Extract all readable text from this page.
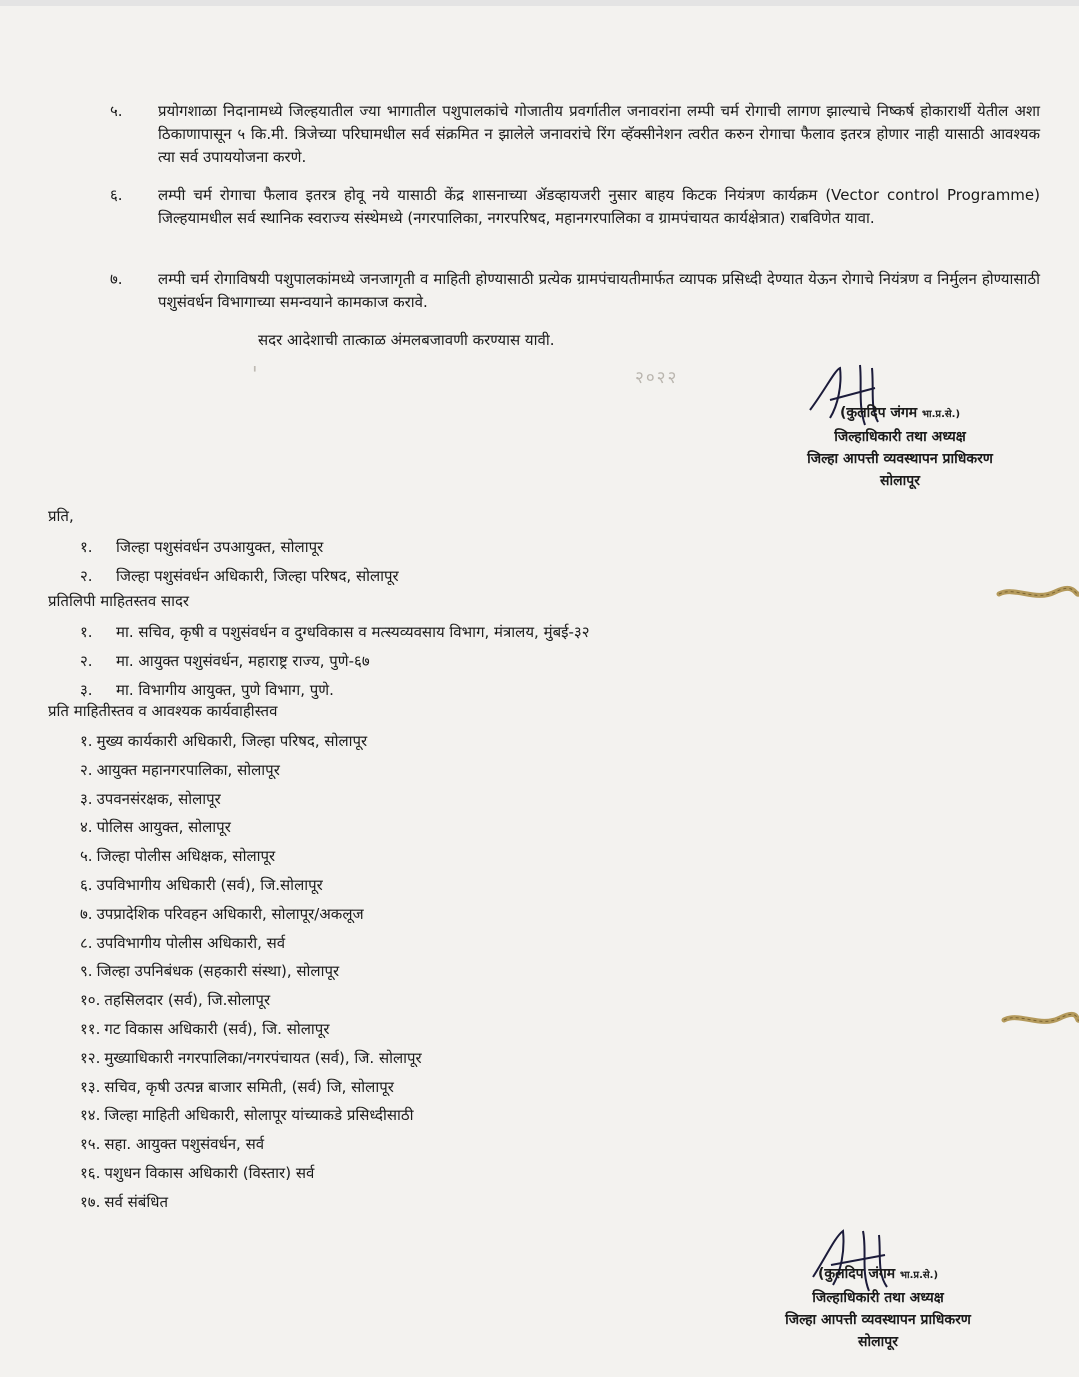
५.	प्रयोगशाळा निदानामध्ये जिल्हयातील ज्या भागातील पशुपालकांचे गोजातीय प्रवर्गातील जनावरांना लम्पी चर्म रोगाची लागण झाल्याचे निष्कर्ष होकारार्थी येतील अशा ठिकाणापासून ५ कि.मी. त्रिजेच्या परिघामधील सर्व संक्रमित न झालेले जनावरांचे रिंग व्हॅक्सीनेशन त्वरीत करुन रोगाचा फैलाव इतरत्र होणार नाही यासाठी आवश्यक त्या सर्व उपाययोजना करणे.
६.	लम्पी चर्म रोगाचा फैलाव इतरत्र होवू नये यासाठी केंद्र शासनाच्या ॲडव्हायजरी नुसार बाहय किटक नियंत्रण कार्यक्रम (Vector control Programme) जिल्हयामधील सर्व स्थानिक स्वराज्य संस्थेमध्ये (नगरपालिका, नगरपरिषद, महानगरपालिका व ग्रामपंचायत कार्यक्षेत्रात) राबविणेत यावा.
७.	लम्पी चर्म रोगाविषयी पशुपालकांमध्ये जनजागृती व माहिती होण्यासाठी प्रत्येक ग्रामपंचायतीमार्फत व्यापक प्रसिध्दी देण्यात येऊन रोगाचे नियंत्रण व निर्मुलन होण्यासाठी पशुसंवर्धन विभागाच्या समन्वयाने कामकाज करावे.
सदर आदेशाची तात्काळ अंमलबजावणी करण्यास यावी.
'	२०२२
(कुलदिप जंगम भा.प्र.से.)
जिल्हाधिकारी तथा अध्यक्ष
जिल्हा आपत्ती व्यवस्थापन प्राधिकरण
सोलापूर
प्रति,
१.	जिल्हा पशुसंवर्धन उपआयुक्त, सोलापूर
२.	जिल्हा पशुसंवर्धन अधिकारी, जिल्हा परिषद, सोलापूर
प्रतिलिपी माहितस्तव सादर
१.	मा. सचिव, कृषी व पशुसंवर्धन व दुग्धविकास व मत्स्यव्यवसाय विभाग, मंत्रालय, मुंबई-३२
२.	मा. आयुक्त पशुसंवर्धन, महाराष्ट्र राज्य, पुणे-६७
३.	मा. विभागीय आयुक्त, पुणे विभाग, पुणे.
प्रति माहितीस्तव व आवश्यक कार्यवाहीस्तव
१. मुख्य कार्यकारी अधिकारी, जिल्हा परिषद, सोलापूर
२. आयुक्त महानगरपालिका, सोलापूर
३. उपवनसंरक्षक, सोलापूर
४. पोलिस आयुक्त, सोलापूर
५. जिल्हा पोलीस अधिक्षक, सोलापूर
६. उपविभागीय अधिकारी (सर्व), जि.सोलापूर
७. उपप्रादेशिक परिवहन अधिकारी, सोलापूर/अकलूज
८. उपविभागीय पोलीस अधिकारी, सर्व
९. जिल्हा उपनिबंधक (सहकारी संस्था), सोलापूर
१०. तहसिलदार (सर्व), जि.सोलापूर
११. गट विकास अधिकारी (सर्व), जि. सोलापूर
१२. मुख्याधिकारी नगरपालिका/नगरपंचायत (सर्व), जि. सोलापूर
१३. सचिव, कृषी उत्पन्न बाजार समिती, (सर्व) जि, सोलापूर
१४. जिल्हा माहिती अधिकारी, सोलापूर यांच्याकडे प्रसिध्दीसाठी
१५. सहा. आयुक्त पशुसंवर्धन, सर्व
१६. पशुधन विकास अधिकारी (विस्तार) सर्व
१७. सर्व संबंधित
(कुलदिप जंगम भा.प्र.से.)
जिल्हाधिकारी तथा अध्यक्ष
जिल्हा आपत्ती व्यवस्थापन प्राधिकरण
सोलापूर
